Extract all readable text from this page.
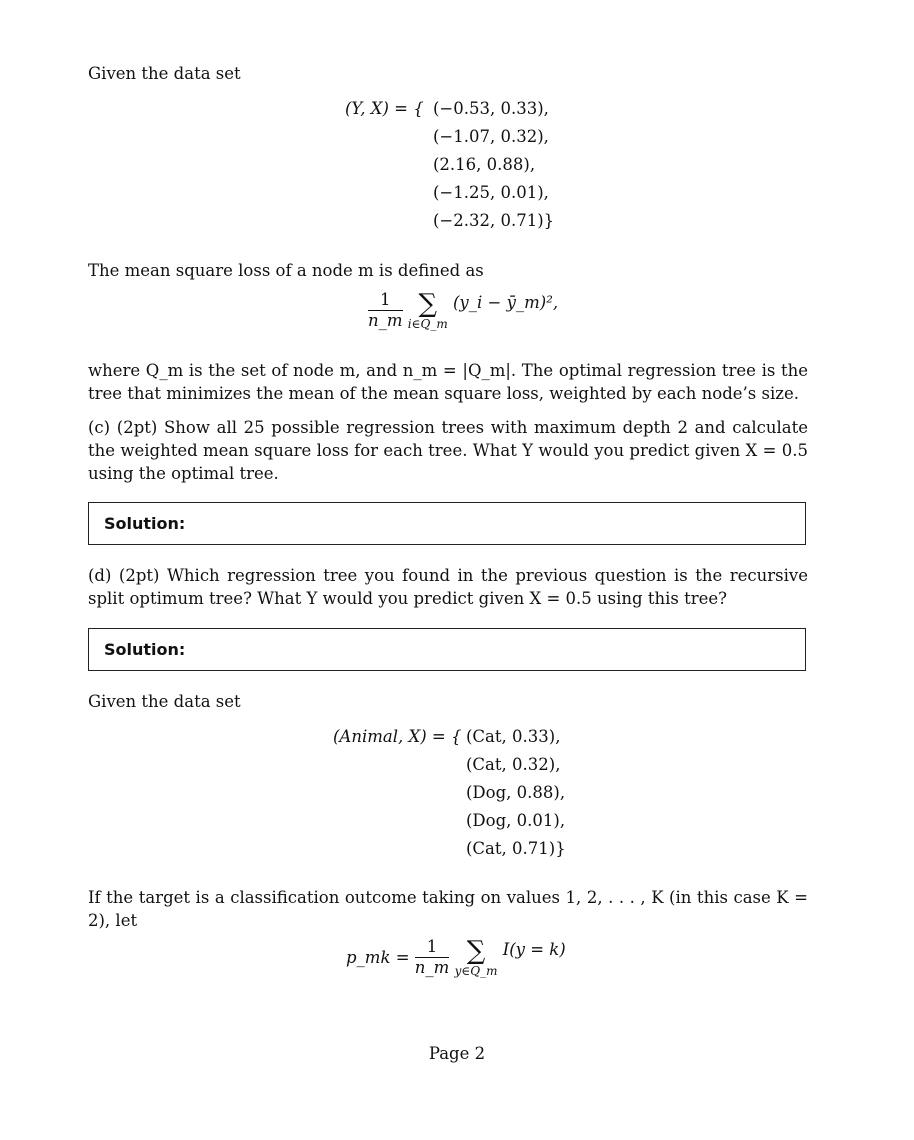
Given the data set
(Y, X) = { (−0.53, 0.33),
(−1.07, 0.32),
(2.16, 0.88),
(−1.25, 0.01),
(−2.32, 0.71)}
The mean square loss of a node m is defined as
$\frac{1}{n\_m}$
∑
i∈Q_m
(y_i − ȳ_m)²,
where Q_m is the set of node m, and n_m = |Q_m|. The optimal regression tree is the tree that minimizes the mean of the mean square loss, weighted by each node’s size.
(c) (2pt) Show all 25 possible regression trees with maximum depth 2 and calculate the weighted mean square loss for each tree. What Y would you predict given X = 0.5 using the optimal tree.
Solution:
(d) (2pt) Which regression tree you found in the previous question is the recursive split optimum tree? What Y would you predict given X = 0.5 using this tree?
Solution:
Given the data set
(Animal, X) = { (Cat, 0.33),
(Cat, 0.32),
(Dog, 0.88),
(Dog, 0.01),
(Cat, 0.71)}
If the target is a classification outcome taking on values 1, 2, . . . , K (in this case K = 2), let
p_mk = $\frac{1}{n\_m}$
∑
y∈Q_m
I(y = k)
Page 2
